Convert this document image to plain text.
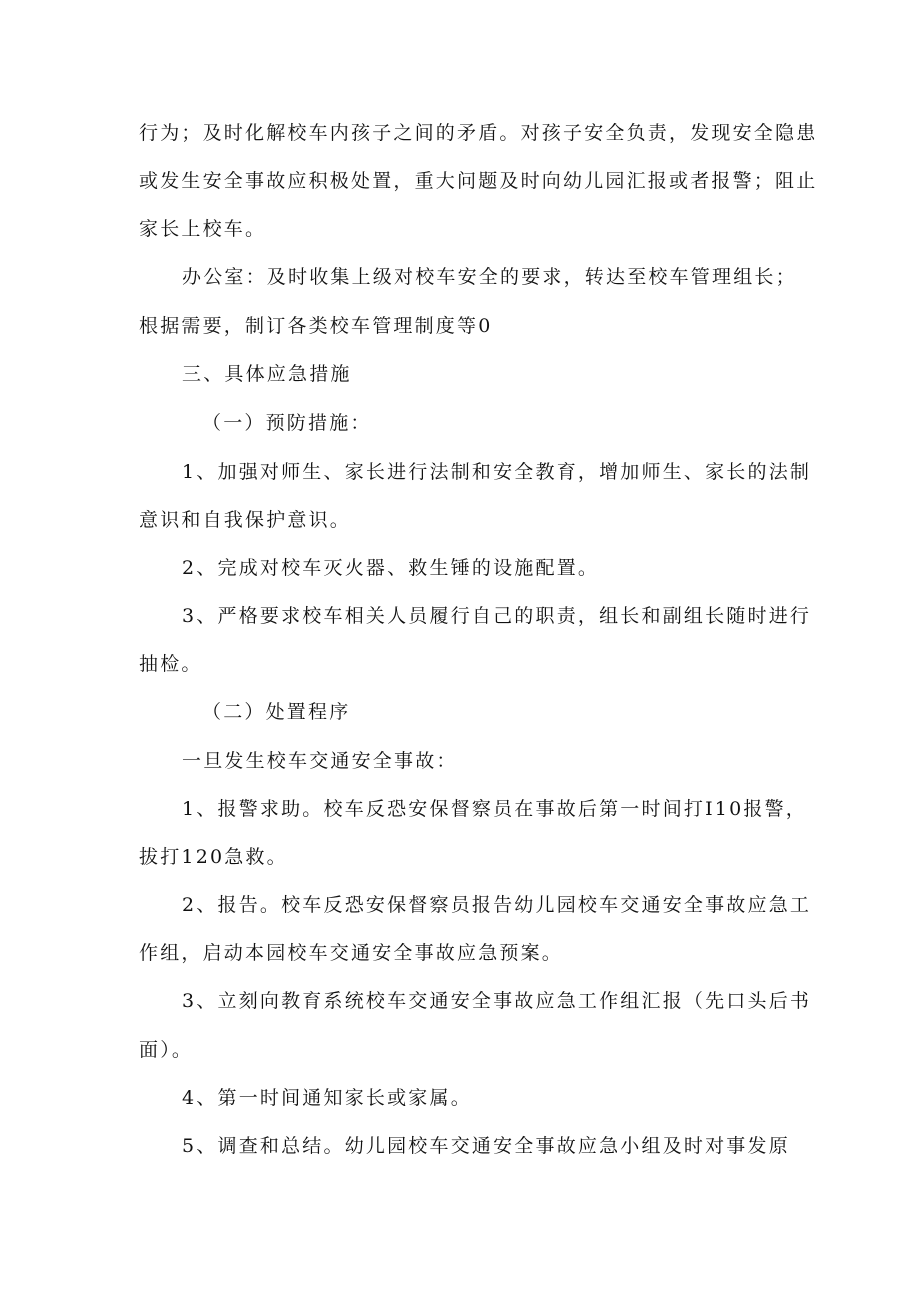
行为；及时化解校车内孩子之间的矛盾。对孩子安全负责，发现安全隐患
或发生安全事故应积极处置，重大问题及时向幼儿园汇报或者报警；阻止
家长上校车。
办公室：及时收集上级对校车安全的要求，转达至校车管理组长；
根据需要，制订各类校车管理制度等0
三、具体应急措施
（一）预防措施：
1、加强对师生、家长进行法制和安全教育，增加师生、家长的法制
意识和自我保护意识。
2、完成对校车灭火器、救生锤的设施配置。
3、严格要求校车相关人员履行自己的职责，组长和副组长随时进行
抽检。
（二）处置程序
一旦发生校车交通安全事故：
1、报警求助。校车反恐安保督察员在事故后第一时间打I10报警，
拔打120急救。
2、报告。校车反恐安保督察员报告幼儿园校车交通安全事故应急工
作组，启动本园校车交通安全事故应急预案。
3、立刻向教育系统校车交通安全事故应急工作组汇报（先口头后书
面）。
4、第一时间通知家长或家属。
5、调查和总结。幼儿园校车交通安全事故应急小组及时对事发原
